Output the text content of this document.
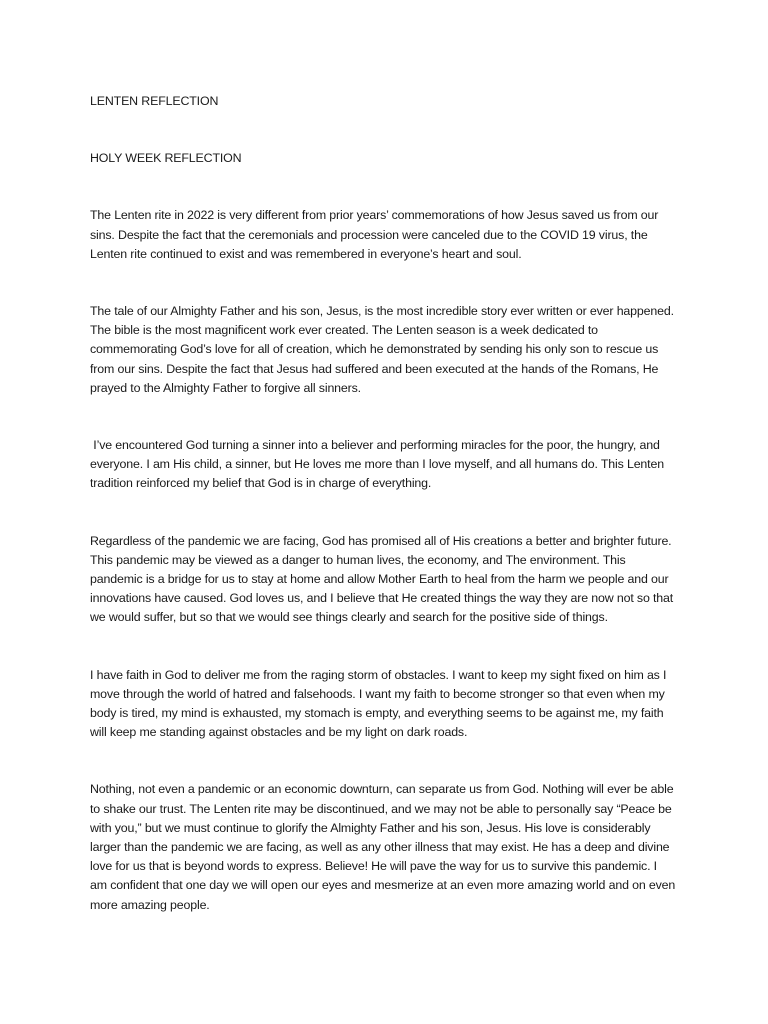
LENTEN REFLECTION
HOLY WEEK REFLECTION

The Lenten rite in 2022 is very different from prior years’ commemorations of how Jesus saved us from our sins. Despite the fact that the ceremonials and procession were canceled due to the COVID 19 virus, the Lenten rite continued to exist and was remembered in everyone’s heart and soul.

The tale of our Almighty Father and his son, Jesus, is the most incredible story ever written or ever happened. The bible is the most magnificent work ever created. The Lenten season is a week dedicated to commemorating God’s love for all of creation, which he demonstrated by sending his only son to rescue us from our sins. Despite the fact that Jesus had suffered and been executed at the hands of the Romans, He prayed to the Almighty Father to forgive all sinners.

I’ve encountered God turning a sinner into a believer and performing miracles for the poor, the hungry, and everyone. I am His child, a sinner, but He loves me more than I love myself, and all humans do. This Lenten tradition reinforced my belief that God is in charge of everything.

Regardless of the pandemic we are facing, God has promised all of His creations a better and brighter future. This pandemic may be viewed as a danger to human lives, the economy, and The environment. This pandemic is a bridge for us to stay at home and allow Mother Earth to heal from the harm we people and our innovations have caused. God loves us, and I believe that He created things the way they are now not so that we would suffer, but so that we would see things clearly and search for the positive side of things.

I have faith in God to deliver me from the raging storm of obstacles. I want to keep my sight fixed on him as I move through the world of hatred and falsehoods. I want my faith to become stronger so that even when my body is tired, my mind is exhausted, my stomach is empty, and everything seems to be against me, my faith will keep me standing against obstacles and be my light on dark roads.

Nothing, not even a pandemic or an economic downturn, can separate us from God. Nothing will ever be able to shake our trust. The Lenten rite may be discontinued, and we may not be able to personally say “Peace be with you,” but we must continue to glorify the Almighty Father and his son, Jesus. His love is considerably larger than the pandemic we are facing, as well as any other illness that may exist. He has a deep and divine love for us that is beyond words to express. Believe! He will pave the way for us to survive this pandemic. I am confident that one day we will open our eyes and mesmerize at an even more amazing world and on even more amazing people.
